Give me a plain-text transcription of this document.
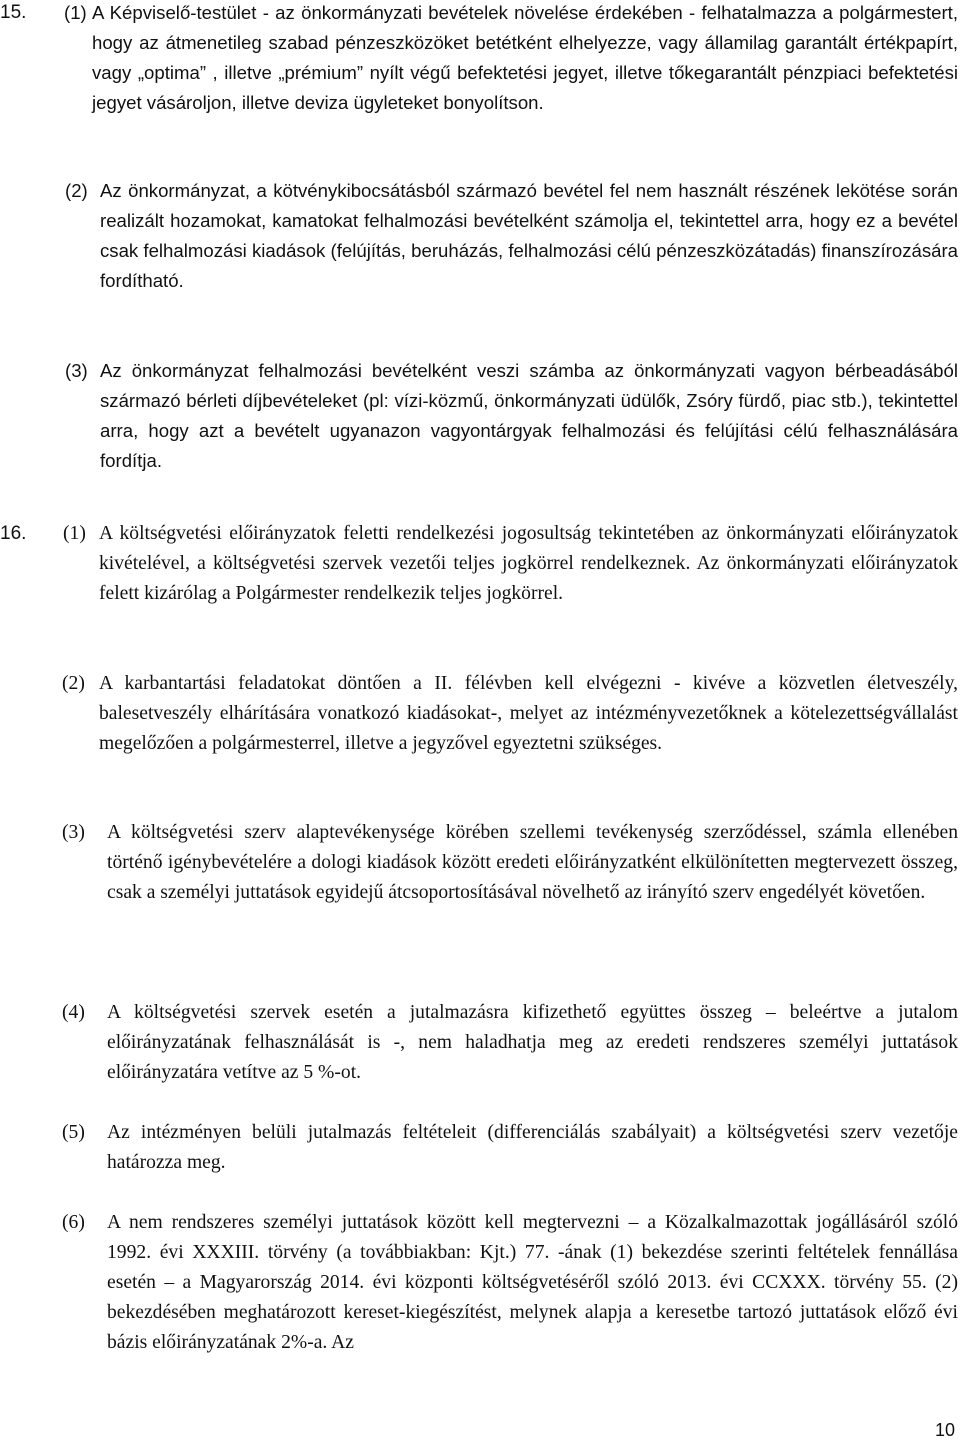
15. (1) A Képviselő-testület - az önkormányzati bevételek növelése érdekében - felhatalmazza a polgármestert, hogy az átmenetileg szabad pénzeszközöket betétként elhelyezze, vagy államilag garantált értékpapírt, vagy „optima” , illetve „prémium” nyílt végű befektetési jegyet, illetve tőkegarantált pénzpiaci befektetési jegyet vásároljon, illetve deviza ügyleteket bonyolítson.
(2) Az önkormányzat, a kötvénykibocsátásból származó bevétel fel nem használt részének lekötése során realizált hozamokat, kamatokat felhalmozási bevételként számolja el, tekintettel arra, hogy ez a bevétel csak felhalmozási kiadások (felújítás, beruházás, felhalmozási célú pénzeszközátadás) finanszírozására fordítható.
(3) Az önkormányzat felhalmozási bevételként veszi számba az önkormányzati vagyon bérbeadásából származó bérleti díjbevételeket (pl: vízi-közmű, önkormányzati üdülők, Zsóry fürdő, piac stb.), tekintettel arra, hogy azt a bevételt ugyanazon vagyontárgyak felhalmozási és felújítási célú felhasználására fordítja.
16. (1) A költségvetési előirányzatok feletti rendelkezési jogosultság tekintetében az önkormányzati előirányzatok kivételével, a költségvetési szervek vezetői teljes jogkörrel rendelkeznek. Az önkormányzati előirányzatok felett kizárólag a Polgármester rendelkezik teljes jogkörrel.
(2) A karbantartási feladatokat döntően a II. félévben kell elvégezni - kivéve a közvetlen életveszély, balesetveszély elhárítására vonatkozó kiadásokat-, melyet az intézményvezetőknek a kötelezettségvállalást megelőzően a polgármesterrel, illetve a jegyzővel egyeztetni szükséges.
(3) A költségvetési szerv alaptevékenysége körében szellemi tevékenység szerződéssel, számla ellenében történő igénybevételére a dologi kiadások között eredeti előirányzatként elkülönítetten megtervezett összeg, csak a személyi juttatások egyidejű átcsoportosításával növelhető az irányító szerv engedélyét követően.
(4) A költségvetési szervek esetén a jutalmazásra kifizethető együttes összeg – beleértve a jutalom előirányzatának felhasználását is -, nem haladhatja meg az eredeti rendszeres személyi juttatások előirányzatára vetítve az 5 %-ot.
(5) Az intézményen belüli jutalmazás feltételeit (differenciálás szabályait) a költségvetési szerv vezetője határozza meg.
(6) A nem rendszeres személyi juttatások között kell megtervezni – a Közalkalmazottak jogállásáról szóló 1992. évi XXXIII. törvény (a továbbiakban: Kjt.) 77. -ának (1) bekezdése szerinti feltételek fennállása esetén – a Magyarország 2014. évi központi költségvetéséről szóló 2013. évi CCXXX. törvény 55. (2) bekezdésében meghatározott kereset-kiegészítést, melynek alapja a keresetbe tartozó juttatások előző évi bázis előirányzatának 2%-a. Az
10
